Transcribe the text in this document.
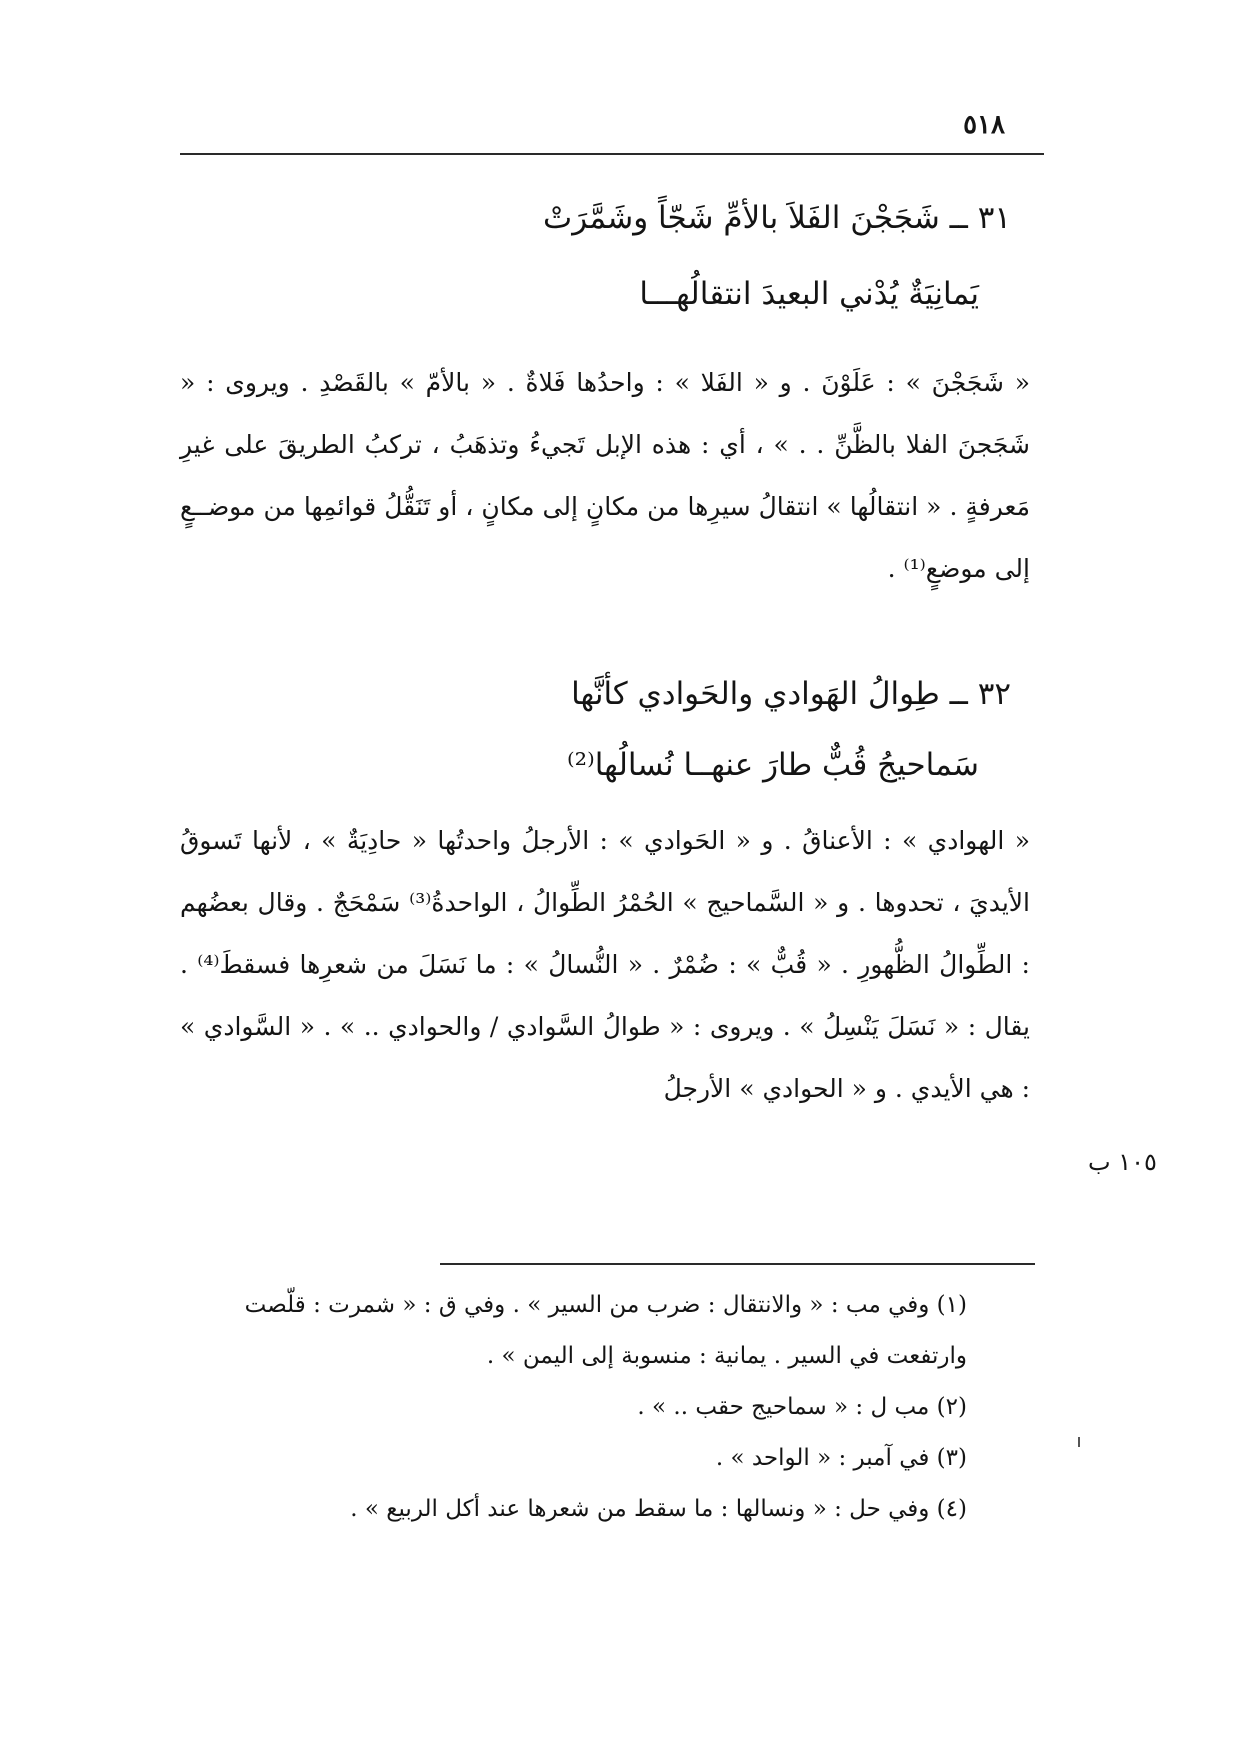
٥١٨
٣١ ــ شَجَجْنَ الفَلاَ بالأمِّ شَجّاً وشَمَّرَتْ
يَمانِيَةٌ يُدْني البعيدَ انتقالُهـــا
« شَجَجْنَ » : عَلَوْنَ . و « الفَلا » : واحدُها فَلاةٌ . « بالأمّ » بالقَصْدِ . ويروى : « شَجَجنَ الفلا بالظَّنِّ . . » ، أي : هذه الإبل تَجيءُ وتذهَبُ ، تركبُ الطريقَ على غيرِ مَعرفةٍ . « انتقالُها » انتقالُ سيرِها من مكانٍ إلى مكانٍ ، أو تَنَقُّلُ قوائمِها من موضــعٍ إلى موضعٍ⁽¹⁾ .
٣٢ ــ طِوالُ الهَوادي والحَوادي كأنَّها
سَماحيجُ قُبٌّ طارَ عنهــا نُسالُها⁽²⁾
« الهوادي » : الأعناقُ . و « الحَوادي » : الأرجلُ واحدتُها « حادِيَةٌ » ، لأنها تَسوقُ الأيديَ ، تحدوها . و « السَّماحيج » الحُمْرُ الطِّوالُ ، الواحدةُ⁽³⁾ سَمْحَجٌ . وقال بعضُهم : الطِّوالُ الظُّهورِ . « قُبٌّ » : ضُمْرٌ . « النُّسالُ » : ما نَسَلَ من شعرِها فسقطَ⁽⁴⁾ . يقال : « نَسَلَ يَنْسِلُ » . ويروى : « طوالُ السَّوادي / والحوادي .. » . « السَّوادي » : هي الأيدي . و « الحوادي » الأرجلُ
١٠٥ ب
(١) وفي مب : « والانتقال : ضرب من السير » . وفي ق : « شمرت : قلّصت وارتفعت في السير . يمانية : منسوبة إلى اليمن » .
(٢) مب ل : « سماحيج حقب .. » .
(٣) في آمبر : « الواحد » .
(٤) وفي حل : « ونسالها : ما سقط من شعرها عند أكل الربيع » .
